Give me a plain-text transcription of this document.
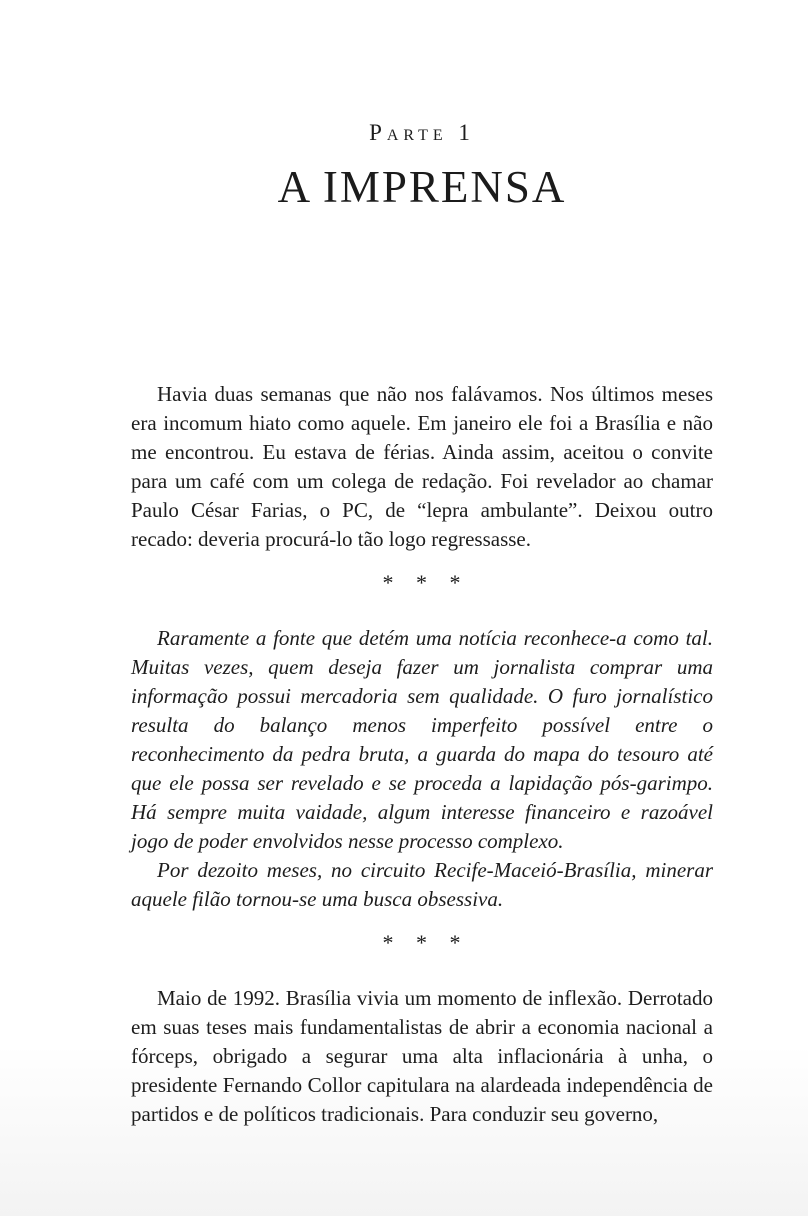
Parte 1
A IMPRENSA

Havia duas semanas que não nos falávamos. Nos últimos meses era incomum hiato como aquele. Em janeiro ele foi a Brasília e não me encontrou. Eu estava de férias. Ainda assim, aceitou o convite para um café com um colega de redação. Foi revelador ao chamar Paulo César Farias, o PC, de “lepra ambulante”. Deixou outro recado: deveria procurá-lo tão logo regressasse.

* * *

Raramente a fonte que detém uma notícia reconhece-a como tal. Muitas vezes, quem deseja fazer um jornalista comprar uma informação possui mercadoria sem qualidade. O furo jornalístico resulta do balanço menos imperfeito possível entre o reconhecimento da pedra bruta, a guarda do mapa do tesouro até que ele possa ser revelado e se proceda a lapidação pós-garimpo. Há sempre muita vaidade, algum interesse financeiro e razoável jogo de poder envolvidos nesse processo complexo.

Por dezoito meses, no circuito Recife-Maceió-Brasília, minerar aquele filão tornou-se uma busca obsessiva.

* * *

Maio de 1992. Brasília vivia um momento de inflexão. Derrotado em suas teses mais fundamentalistas de abrir a economia nacional a fórceps, obrigado a segurar uma alta inflacionária à unha, o presidente Fernando Collor capitulara na alardeada independência de partidos e de políticos tradicionais. Para conduzir seu governo,
